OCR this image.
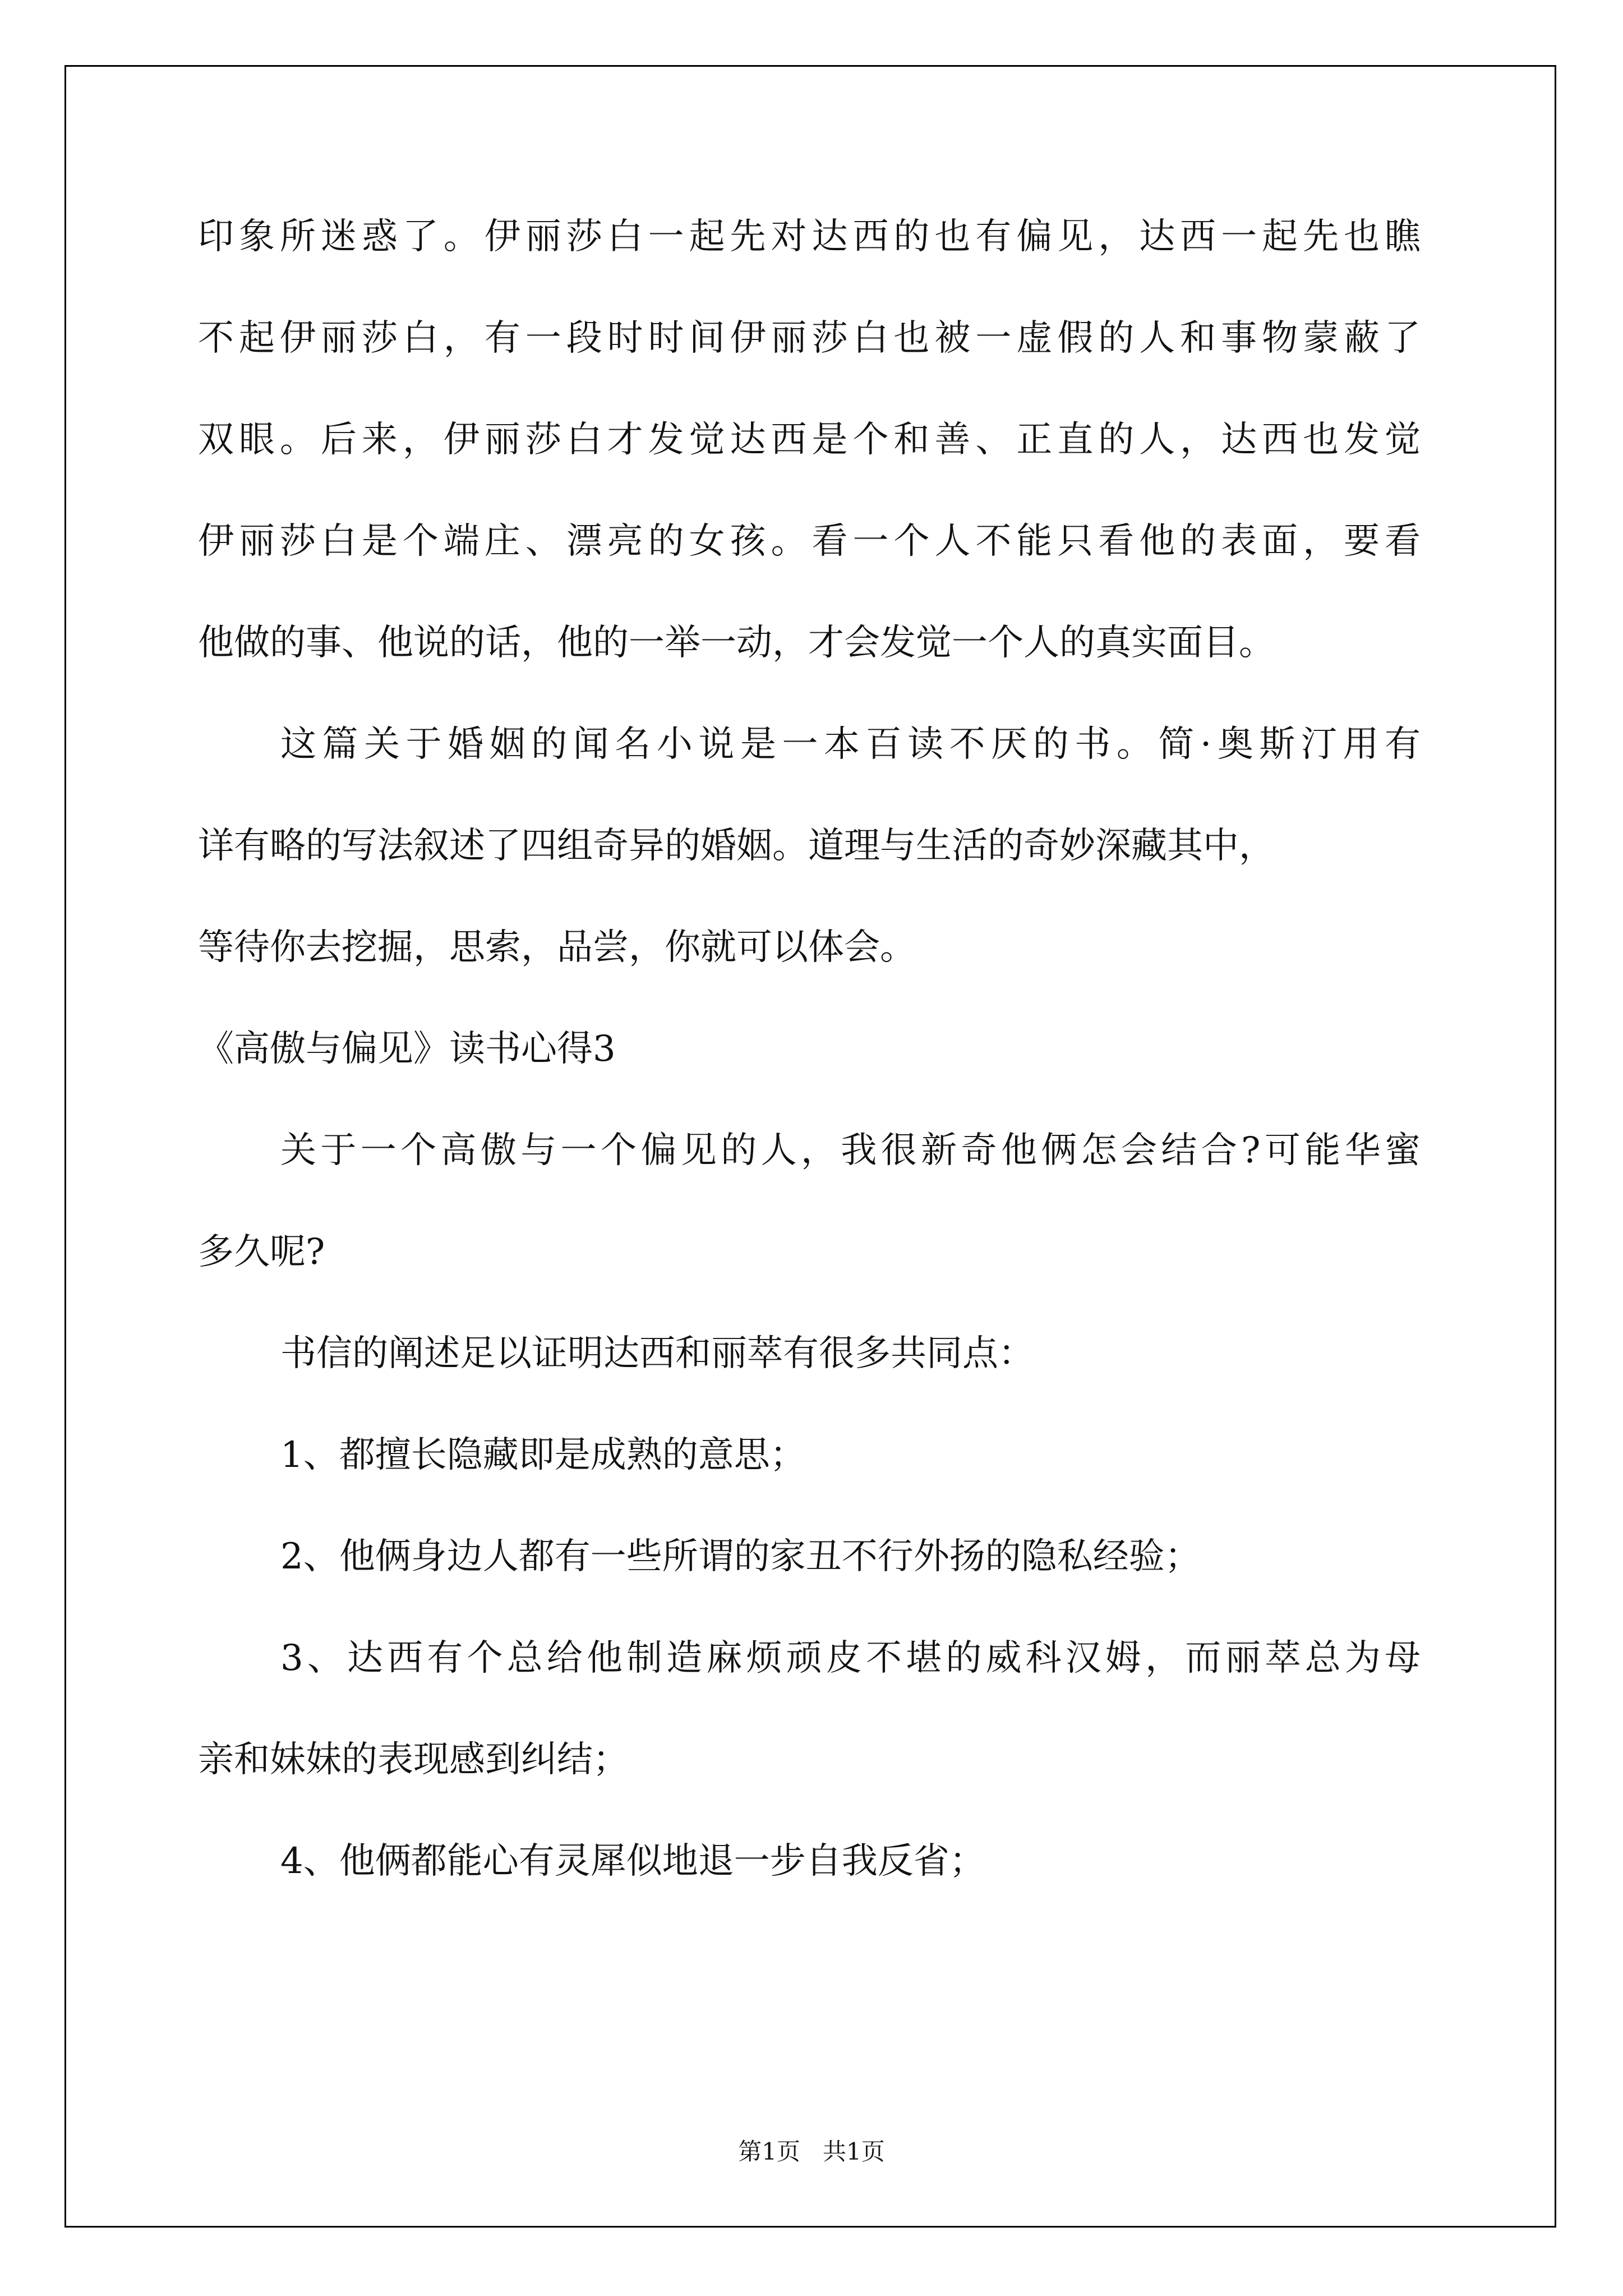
印象所迷惑了。伊丽莎白一起先对达西的也有偏见，达西一起先也瞧
不起伊丽莎白，有一段时时间伊丽莎白也被一虚假的人和事物蒙蔽了
双眼。后来，伊丽莎白才发觉达西是个和善、正直的人，达西也发觉
伊丽莎白是个端庄、漂亮的女孩。看一个人不能只看他的表面，要看
他做的事、他说的话，他的一举一动，才会发觉一个人的真实面目。
这篇关于婚姻的闻名小说是一本百读不厌的书。简·奥斯汀用有
详有略的写法叙述了四组奇异的婚姻。道理与生活的奇妙深藏其中，
等待你去挖掘，思索，品尝，你就可以体会。
《高傲与偏见》读书心得3
关于一个高傲与一个偏见的人，我很新奇他俩怎会结合?可能华蜜
多久呢?
书信的阐述足以证明达西和丽萃有很多共同点：
1、都擅长隐藏即是成熟的意思；
2、他俩身边人都有一些所谓的家丑不行外扬的隐私经验；
3、达西有个总给他制造麻烦顽皮不堪的威科汉姆，而丽萃总为母
亲和妹妹的表现感到纠结；
4、他俩都能心有灵犀似地退一步自我反省；
第1页   共1页
